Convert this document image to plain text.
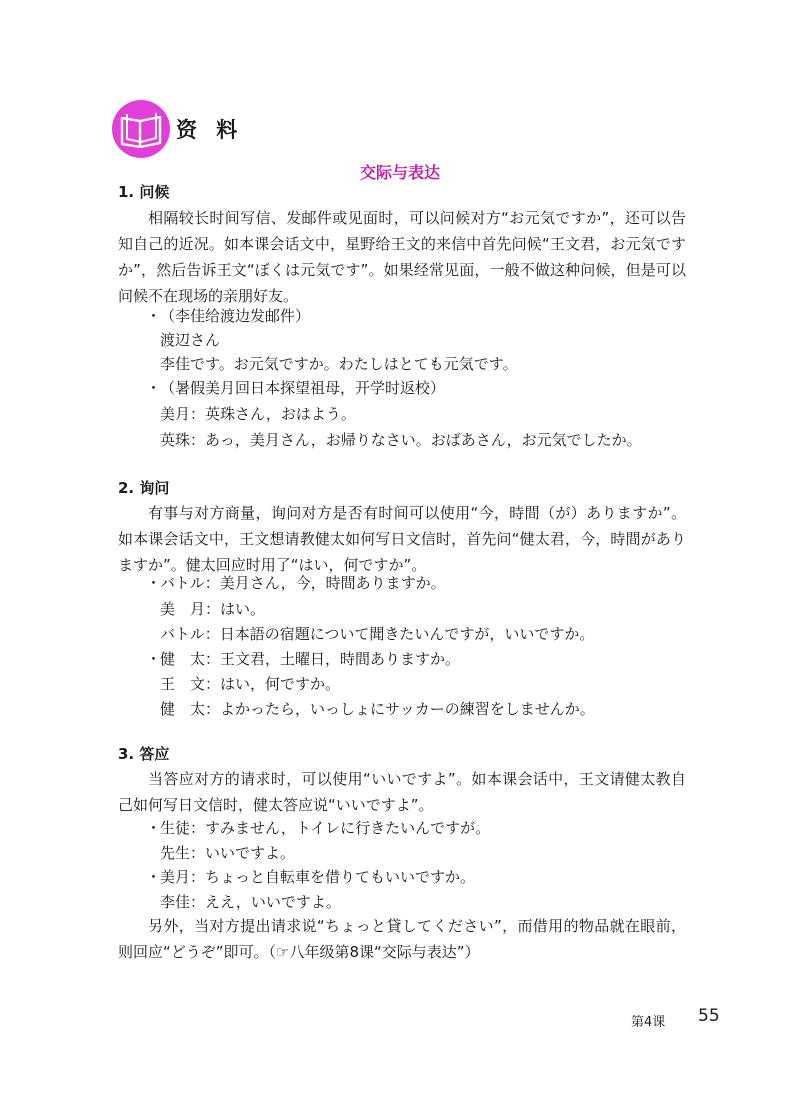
资 料
交际与表达
1. 问候
相隔较长时间写信、发邮件或见面时，可以问候对方“お元気ですか”，还可以告知自己的近况。如本课会话文中，星野给王文的来信中首先问候“王文君，お元気ですか”，然后告诉王文“ぼくは元気です”。如果经常见面，一般不做这种问候，但是可以问候不在现场的亲朋好友。
・
（李佳给渡边发邮件）
渡辺さん
李佳です。お元気ですか。わたしはとても元気です。
・
（暑假美月回日本探望祖母，开学时返校）
美月：英珠さん，おはよう。
英珠：あっ，美月さん，お帰りなさい。おばあさん，お元気でしたか。
2. 询问
有事与对方商量，询问对方是否有时间可以使用“今，時間（が）ありますか”。如本课会话文中，王文想请教健太如何写日文信时，首先问“健太君，今，時間がありますか”。健太回应时用了“はい，何ですか”。
・
バトル：美月さん，今，時間ありますか。
美　月：はい。
バトル：日本語の宿題について聞きたいんですが，いいですか。
・
健　太：王文君，土曜日，時間ありますか。
王　文：はい，何ですか。
健　太：よかったら，いっしょにサッカーの練習をしませんか。
3. 答应
当答应对方的请求时，可以使用“いいですよ”。如本课会话中，王文请健太教自己如何写日文信时，健太答应说“いいですよ”。
・
生徒：すみません，トイレに行きたいんですが。
先生：いいですよ。
・
美月：ちょっと自転車を借りてもいいですか。
李佳：ええ，いいですよ。
另外，当对方提出请求说“ちょっと貸してください”，而借用的物品就在眼前，则回应“どうぞ”即可。（☞八年级第8课“交际与表达”）
第4课 55
